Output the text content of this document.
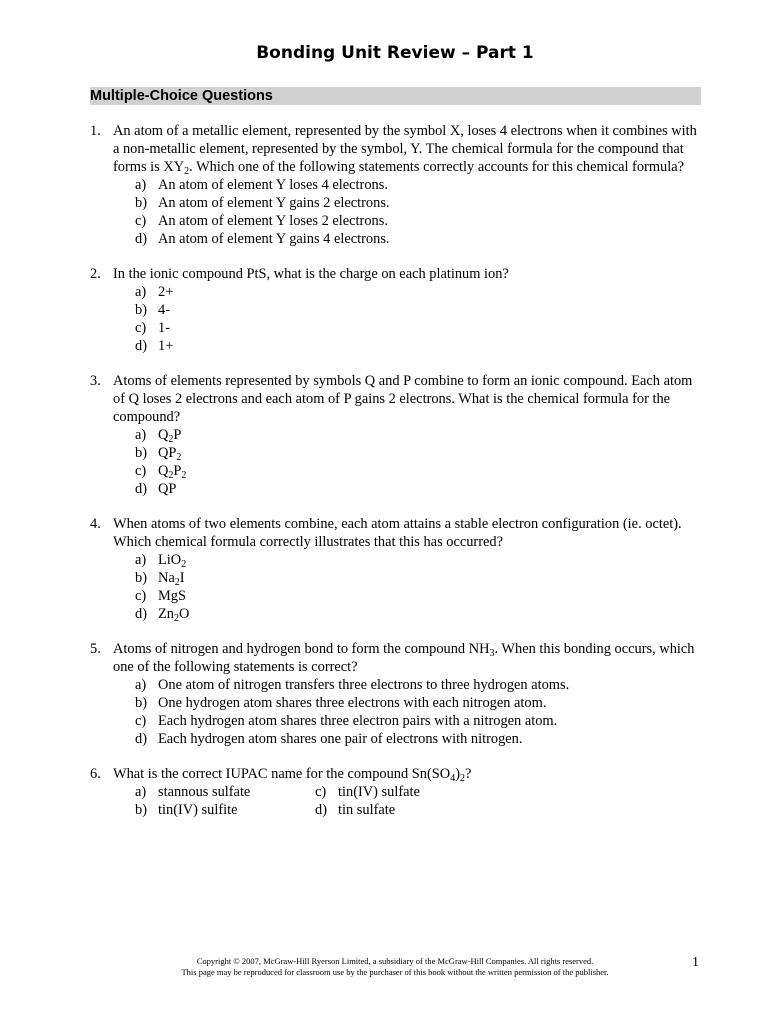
Bonding Unit Review – Part 1
Multiple-Choice Questions
1. An atom of a metallic element, represented by the symbol X, loses 4 electrons when it combines with a non-metallic element, represented by the symbol, Y. The chemical formula for the compound that forms is $XY_2$. Which one of the following statements correctly accounts for this chemical formula?
a) An atom of element Y loses 4 electrons.
b) An atom of element Y gains 2 electrons.
c) An atom of element Y loses 2 electrons.
d) An atom of element Y gains 4 electrons.
2. In the ionic compound PtS, what is the charge on each platinum ion?
a) 2+
b) 4-
c) 1-
d) 1+
3. Atoms of elements represented by symbols Q and P combine to form an ionic compound. Each atom of Q loses 2 electrons and each atom of P gains 2 electrons. What is the chemical formula for the compound?
a) $Q_2P$
b) $QP_2$
c) $Q_2P_2$
d) QP
4. When atoms of two elements combine, each atom attains a stable electron configuration (ie. octet). Which chemical formula correctly illustrates that this has occurred?
a) LiO$_2$
b) $Na_2I$
c) MgS
d) $Zn_2O$
5. Atoms of nitrogen and hydrogen bond to form the compound $NH_3$. When this bonding occurs, which one of the following statements is correct?
a) One atom of nitrogen transfers three electrons to three hydrogen atoms.
b) One hydrogen atom shares three electrons with each nitrogen atom.
c) Each hydrogen atom shares three electron pairs with a nitrogen atom.
d) Each hydrogen atom shares one pair of electrons with nitrogen.
6. What is the correct IUPAC name for the compound $Sn(SO_4)_2$?
a) stannous sulfate	c) tin(IV) sulfate
b) tin(IV) sulfite	d) tin sulfate
Copyright © 2007, McGraw-Hill Ryerson Limited, a subsidiary of the McGraw-Hill Companies. All rights reserved.
This page may be reproduced for classroom use by the purchaser of this book without the written permission of the publisher.
1
